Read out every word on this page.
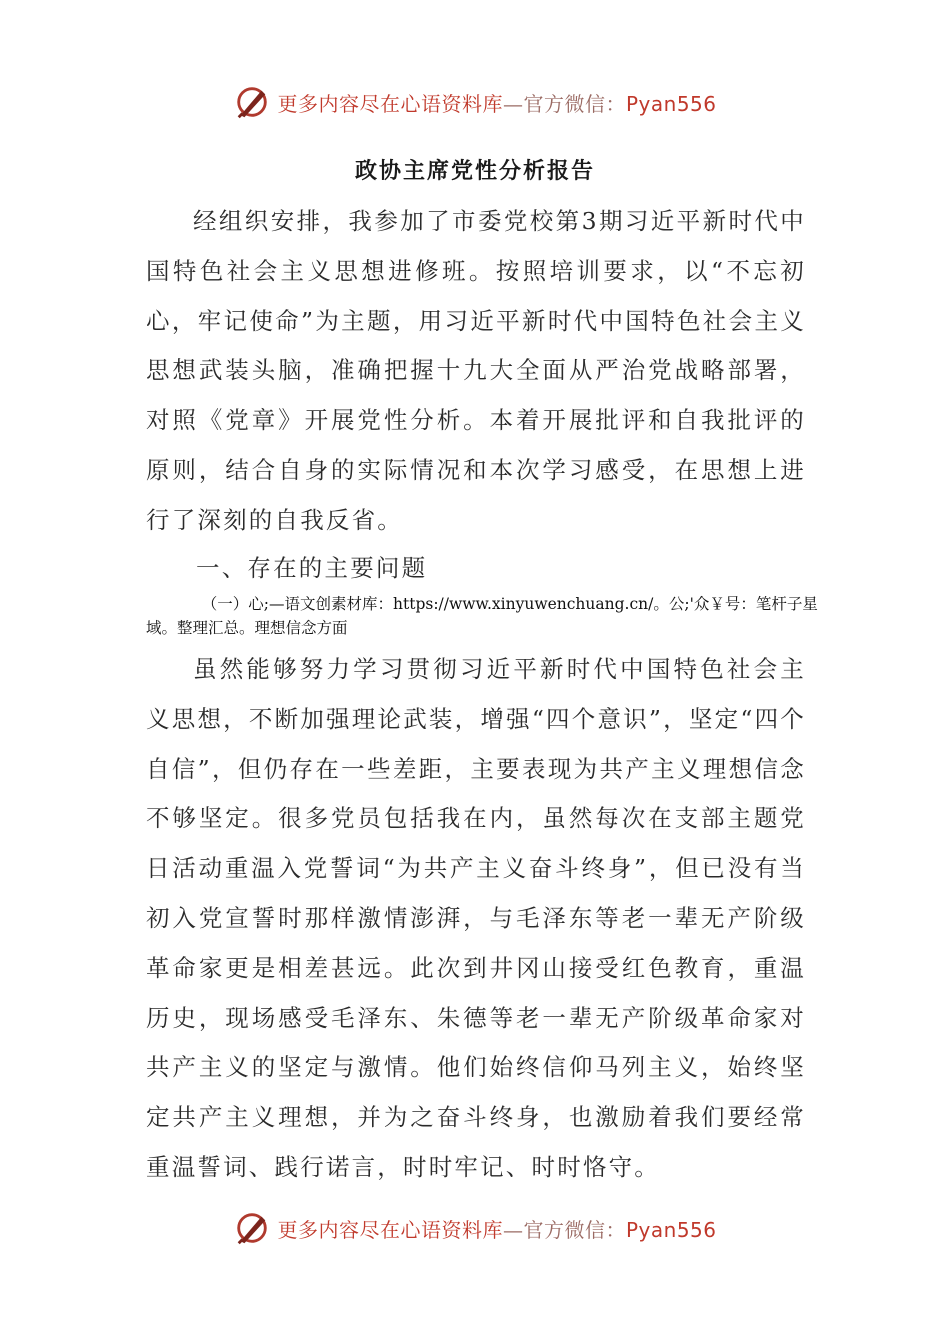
更多内容尽在心语资料库—官方微信：Pyan556
政协主席党性分析报告

经组织安排，我参加了市委党校第3期习近平新时代中国特色社会主义思想进修班。按照培训要求，以“不忘初心，牢记使命”为主题，用习近平新时代中国特色社会主义思想武装头脑，准确把握十九大全面从严治党战略部署，对照《党章》开展党性分析。本着开展批评和自我批评的原则，结合自身的实际情况和本次学习感受，在思想上进行了深刻的自我反省。

一、存在的主要问题

（一）心;—语文创素材库：https://www.xinyuwenchuang.cn/。公;'众￥号：笔杆子星域。整理汇总。理想信念方面

虽然能够努力学习贯彻习近平新时代中国特色社会主义思想，不断加强理论武装，增强“四个意识”，坚定“四个自信”，但仍存在一些差距，主要表现为共产主义理想信念不够坚定。很多党员包括我在内，虽然每次在支部主题党日活动重温入党誓词“为共产主义奋斗终身”，但已没有当初入党宣誓时那样激情澎湃，与毛泽东等老一辈无产阶级革命家更是相差甚远。此次到井冈山接受红色教育，重温历史，现场感受毛泽东、朱德等老一辈无产阶级革命家对共产主义的坚定与激情。他们始终信仰马列主义，始终坚定共产主义理想，并为之奋斗终身，也激励着我们要经常重温誓词、践行诺言，时时牢记、时时恪守。

更多内容尽在心语资料库—官方微信：Pyan556
